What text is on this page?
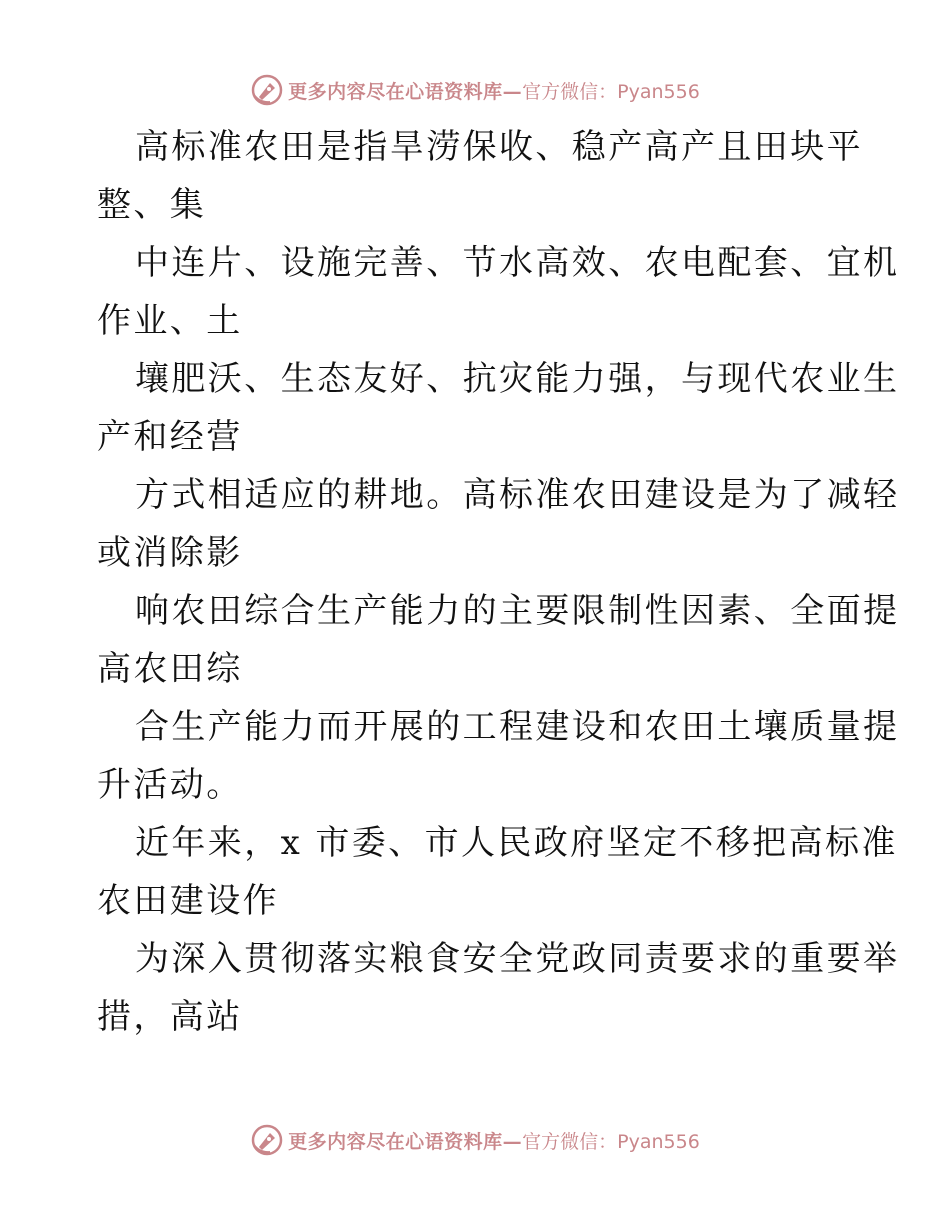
更多内容尽在心语资料库— 官方微信：Pyan556
高标准农田是指旱涝保收、稳产高产且田块平
整、集
中连片、设施完善、节水高效、农电配套、宜机
作业、土
壤肥沃、生态友好、抗灾能力强，与现代农业生
产和经营
方式相适应的耕地。高标准农田建设是为了减轻
或消除影
响农田综合生产能力的主要限制性因素、全面提
高农田综
合生产能力而开展的工程建设和农田土壤质量提
升活动。
近年来，x 市委、市人民政府坚定不移把高标准
农田建设作
为深入贯彻落实粮食安全党政同责要求的重要举
措，高站
更多内容尽在心语资料库— 官方微信：Pyan556
